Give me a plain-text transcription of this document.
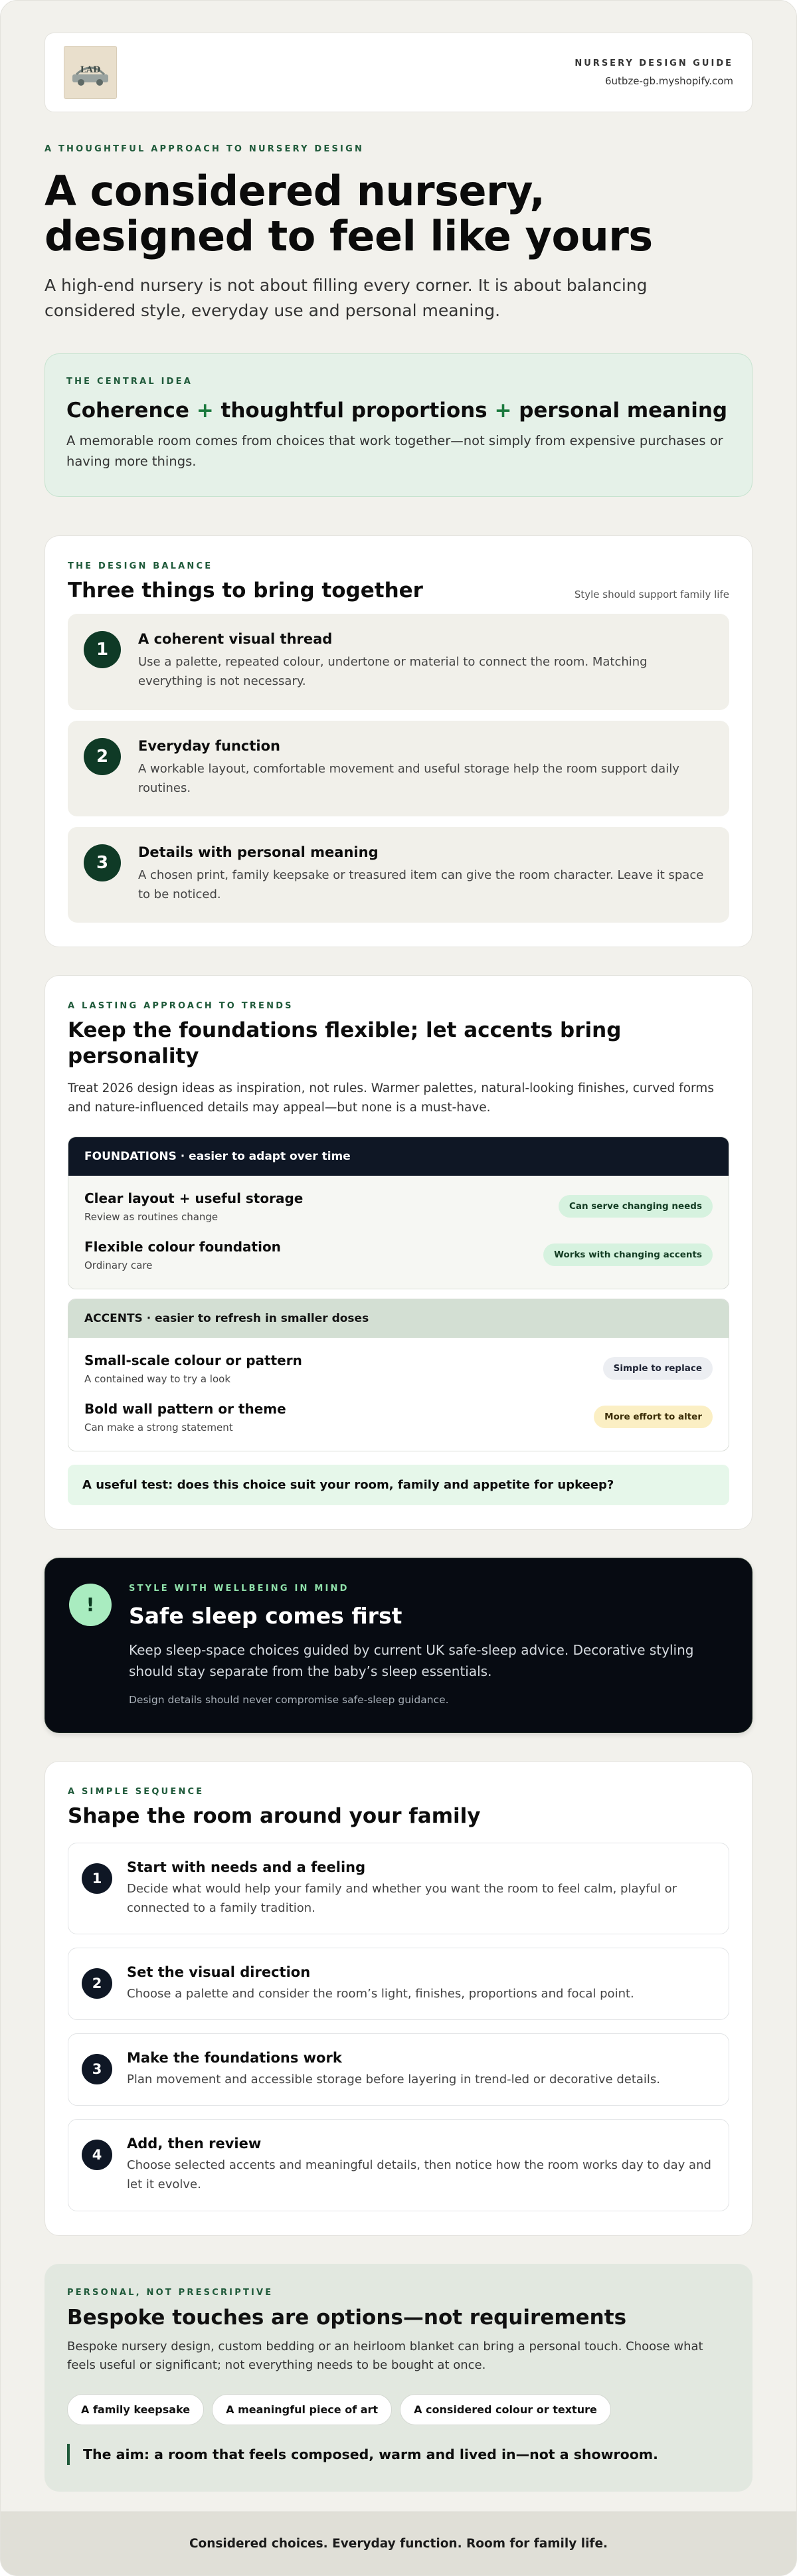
LAD
NURSERY DESIGN GUIDE
6utbze-gb.myshopify.com
A THOUGHTFUL APPROACH TO NURSERY DESIGN
A considered nursery,
designed to feel like yours

A high-end nursery is not about filling every corner. It is about balancing considered style, everyday use and personal meaning.

THE CENTRAL IDEA
Coherence + thoughtful proportions + personal meaning

A memorable room comes from choices that work together—not simply from expensive purchases or having more things.

THE DESIGN BALANCE
Three things to bring together	Style should support family life
1
A coherent visual thread
Use a palette, repeated colour, undertone or material to connect the room. Matching everything is not necessary.
2
Everyday function
A workable layout, comfortable movement and useful storage help the room support daily routines.
3
Details with personal meaning
A chosen print, family keepsake or treasured item can give the room character. Leave it space to be noticed.
A LASTING APPROACH TO TRENDS
Keep the foundations flexible; let accents bring personality

Treat 2026 design ideas as inspiration, not rules. Warmer palettes, natural-looking finishes, curved forms and nature-influenced details may appeal—but none is a must-have.

FOUNDATIONS · easier to adapt over time
Clear layout + useful storage
Review as routines change
Can serve changing needs
Flexible colour foundation
Ordinary care
Works with changing accents
ACCENTS · easier to refresh in smaller doses
Small-scale colour or pattern
A contained way to try a look
Simple to replace
Bold wall pattern or theme
Can make a strong statement
More effort to alter
A useful test: does this choice suit your room, family and appetite for upkeep?
!
STYLE WITH WELLBEING IN MIND
Safe sleep comes first

Keep sleep-space choices guided by current UK safe-sleep advice. Decorative styling should stay separate from the baby’s sleep essentials.

Design details should never compromise safe-sleep guidance.

A SIMPLE SEQUENCE
Shape the room around your family
1
Start with needs and a feeling
Decide what would help your family and whether you want the room to feel calm, playful or connected to a family tradition.
2
Set the visual direction
Choose a palette and consider the room’s light, finishes, proportions and focal point.
3
Make the foundations work
Plan movement and accessible storage before layering in trend-led or decorative details.
4
Add, then review
Choose selected accents and meaningful details, then notice how the room works day to day and let it evolve.
PERSONAL, NOT PRESCRIPTIVE
Bespoke touches are options—not requirements

Bespoke nursery design, custom bedding or an heirloom blanket can bring a personal touch. Choose what feels useful or significant; not everything needs to be bought at once.

A family keepsake	A meaningful piece of art	A considered colour or texture
The aim: a room that feels composed, warm and lived in—not a showroom.
Considered choices. Everyday function. Room for family life.
